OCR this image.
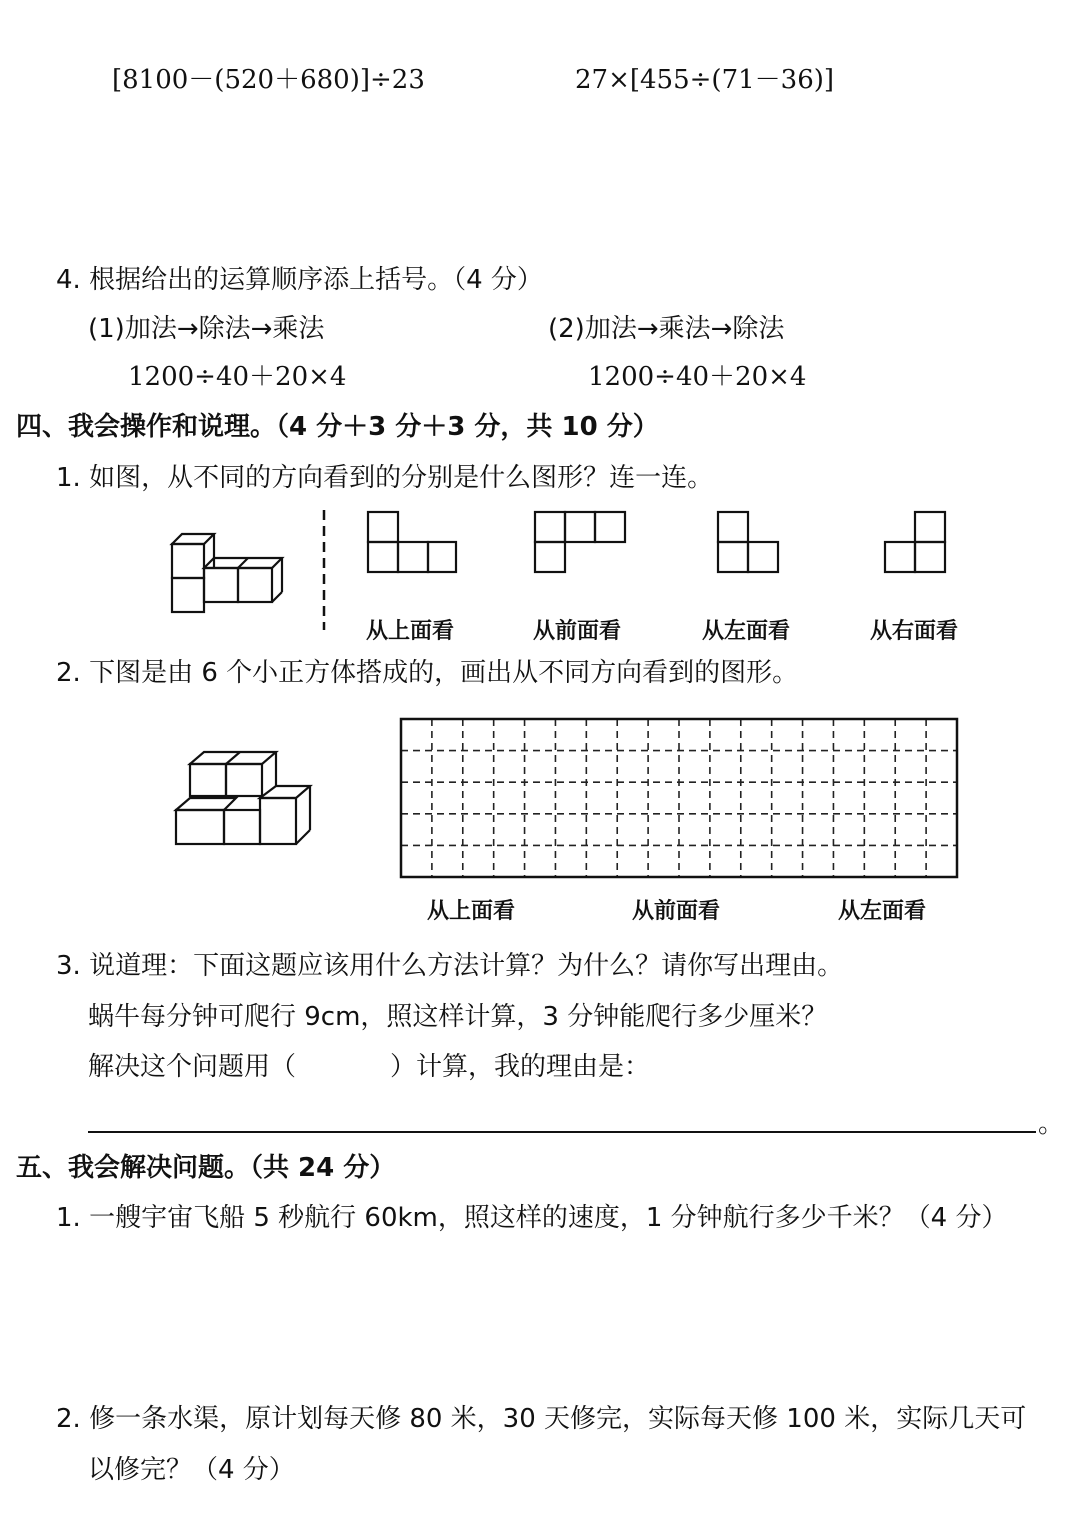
[8100－(520＋680)]÷23	27×[455÷(71－36)]
4. 根据给出的运算顺序添上括号。（4 分）
(1)加法→除法→乘法
1200÷40＋20×4
(2)加法→乘法→除法
1200÷40＋20×4
四、我会操作和说理。（4 分＋3 分＋3 分，共 10 分）
1. 如图，从不同的方向看到的分别是什么图形？连一连。
从上面看	从前面看	从左面看	从右面看
2. 下图是由 6 个小正方体搭成的，画出从不同方向看到的图形。
从上面看	从前面看	从左面看
3. 说道理：下面这题应该用什么方法计算？为什么？请你写出理由。
蜗牛每分钟可爬行 9cm，照这样计算，3 分钟能爬行多少厘米？
解决这个问题用（	）计算，我的理由是：
。
五、我会解决问题。（共 24 分）
1. 一艘宇宙飞船 5 秒航行 60km，照这样的速度，1 分钟航行多少千米？（4 分）
2. 修一条水渠，原计划每天修 80 米，30 天修完，实际每天修 100 米，实际几天可
以修完？（4 分）
